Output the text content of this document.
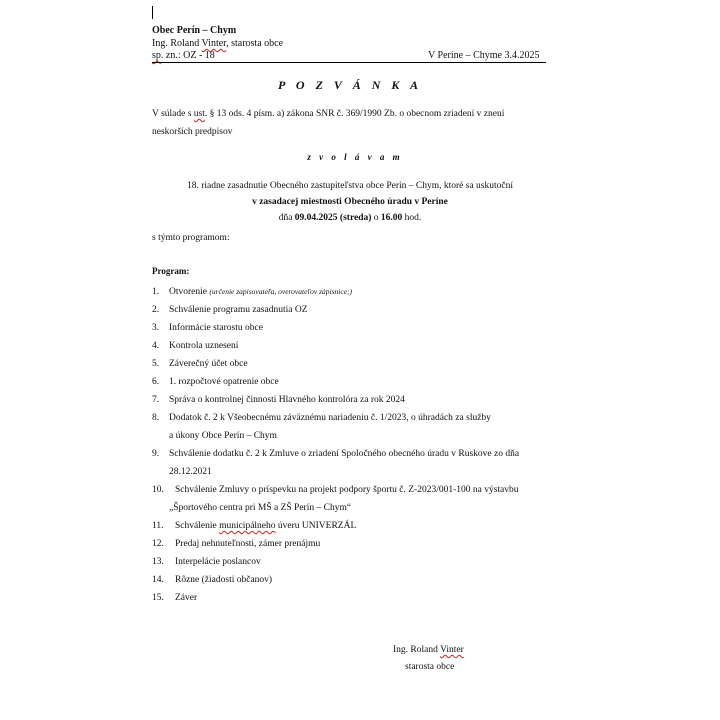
Obec Perín – Chym
Ing. Roland Vinter, starosta obce
sp. zn.: OZ - 18	V Períne – Chyme 3.4.2025
P O Z V Á N K A
V súlade s ust. § 13 ods. 4 písm. a) zákona SNR č. 369/1990 Zb. o obecnom zriadení v znení
neskorších predpisov
z v o l á v a m
18. riadne zasadnutie Obecného zastupiteľstva obce Perín – Chym, ktoré sa uskutoční
v zasadacej miestnosti Obecného úradu v Períne
dňa 09.04.2025 (streda) o 16.00 hod.
s týmto programom:
Program:
1. Otvorenie (určenie zapisovateľa, overovateľov zápisnice;)
2. Schválenie programu zasadnutia OZ
3. Informácie starostu obce
4. Kontrola uznesení
5. Záverečný účet obce
6. 1. rozpočtové opatrenie obce
7. Správa o kontrolnej činnosti Hlavného kontrolóra za rok 2024
8. Dodatok č. 2 k Všeobecnému záväznému nariadeniu č. 1/2023, o úhradách za služby
a úkony Obce Perín – Chym
9. Schválenie dodatku č. 2 k Zmluve o zriadení Spoločného obecného úradu v Ruskove zo dňa
28.12.2021
10. Schválenie Zmluvy o príspevku na projekt podpory športu č. Z-2023/001-100 na výstavbu
„Športového centra pri MŠ a ZŠ Perín – Chym“
11. Schválenie municipálneho úveru UNIVERZÁL
12. Predaj nehnuteľnosti, zámer prenájmu
13. Interpelácie poslancov
14. Rôzne (žiadosti občanov)
15. Záver
Ing. Roland Vinter
starosta obce
